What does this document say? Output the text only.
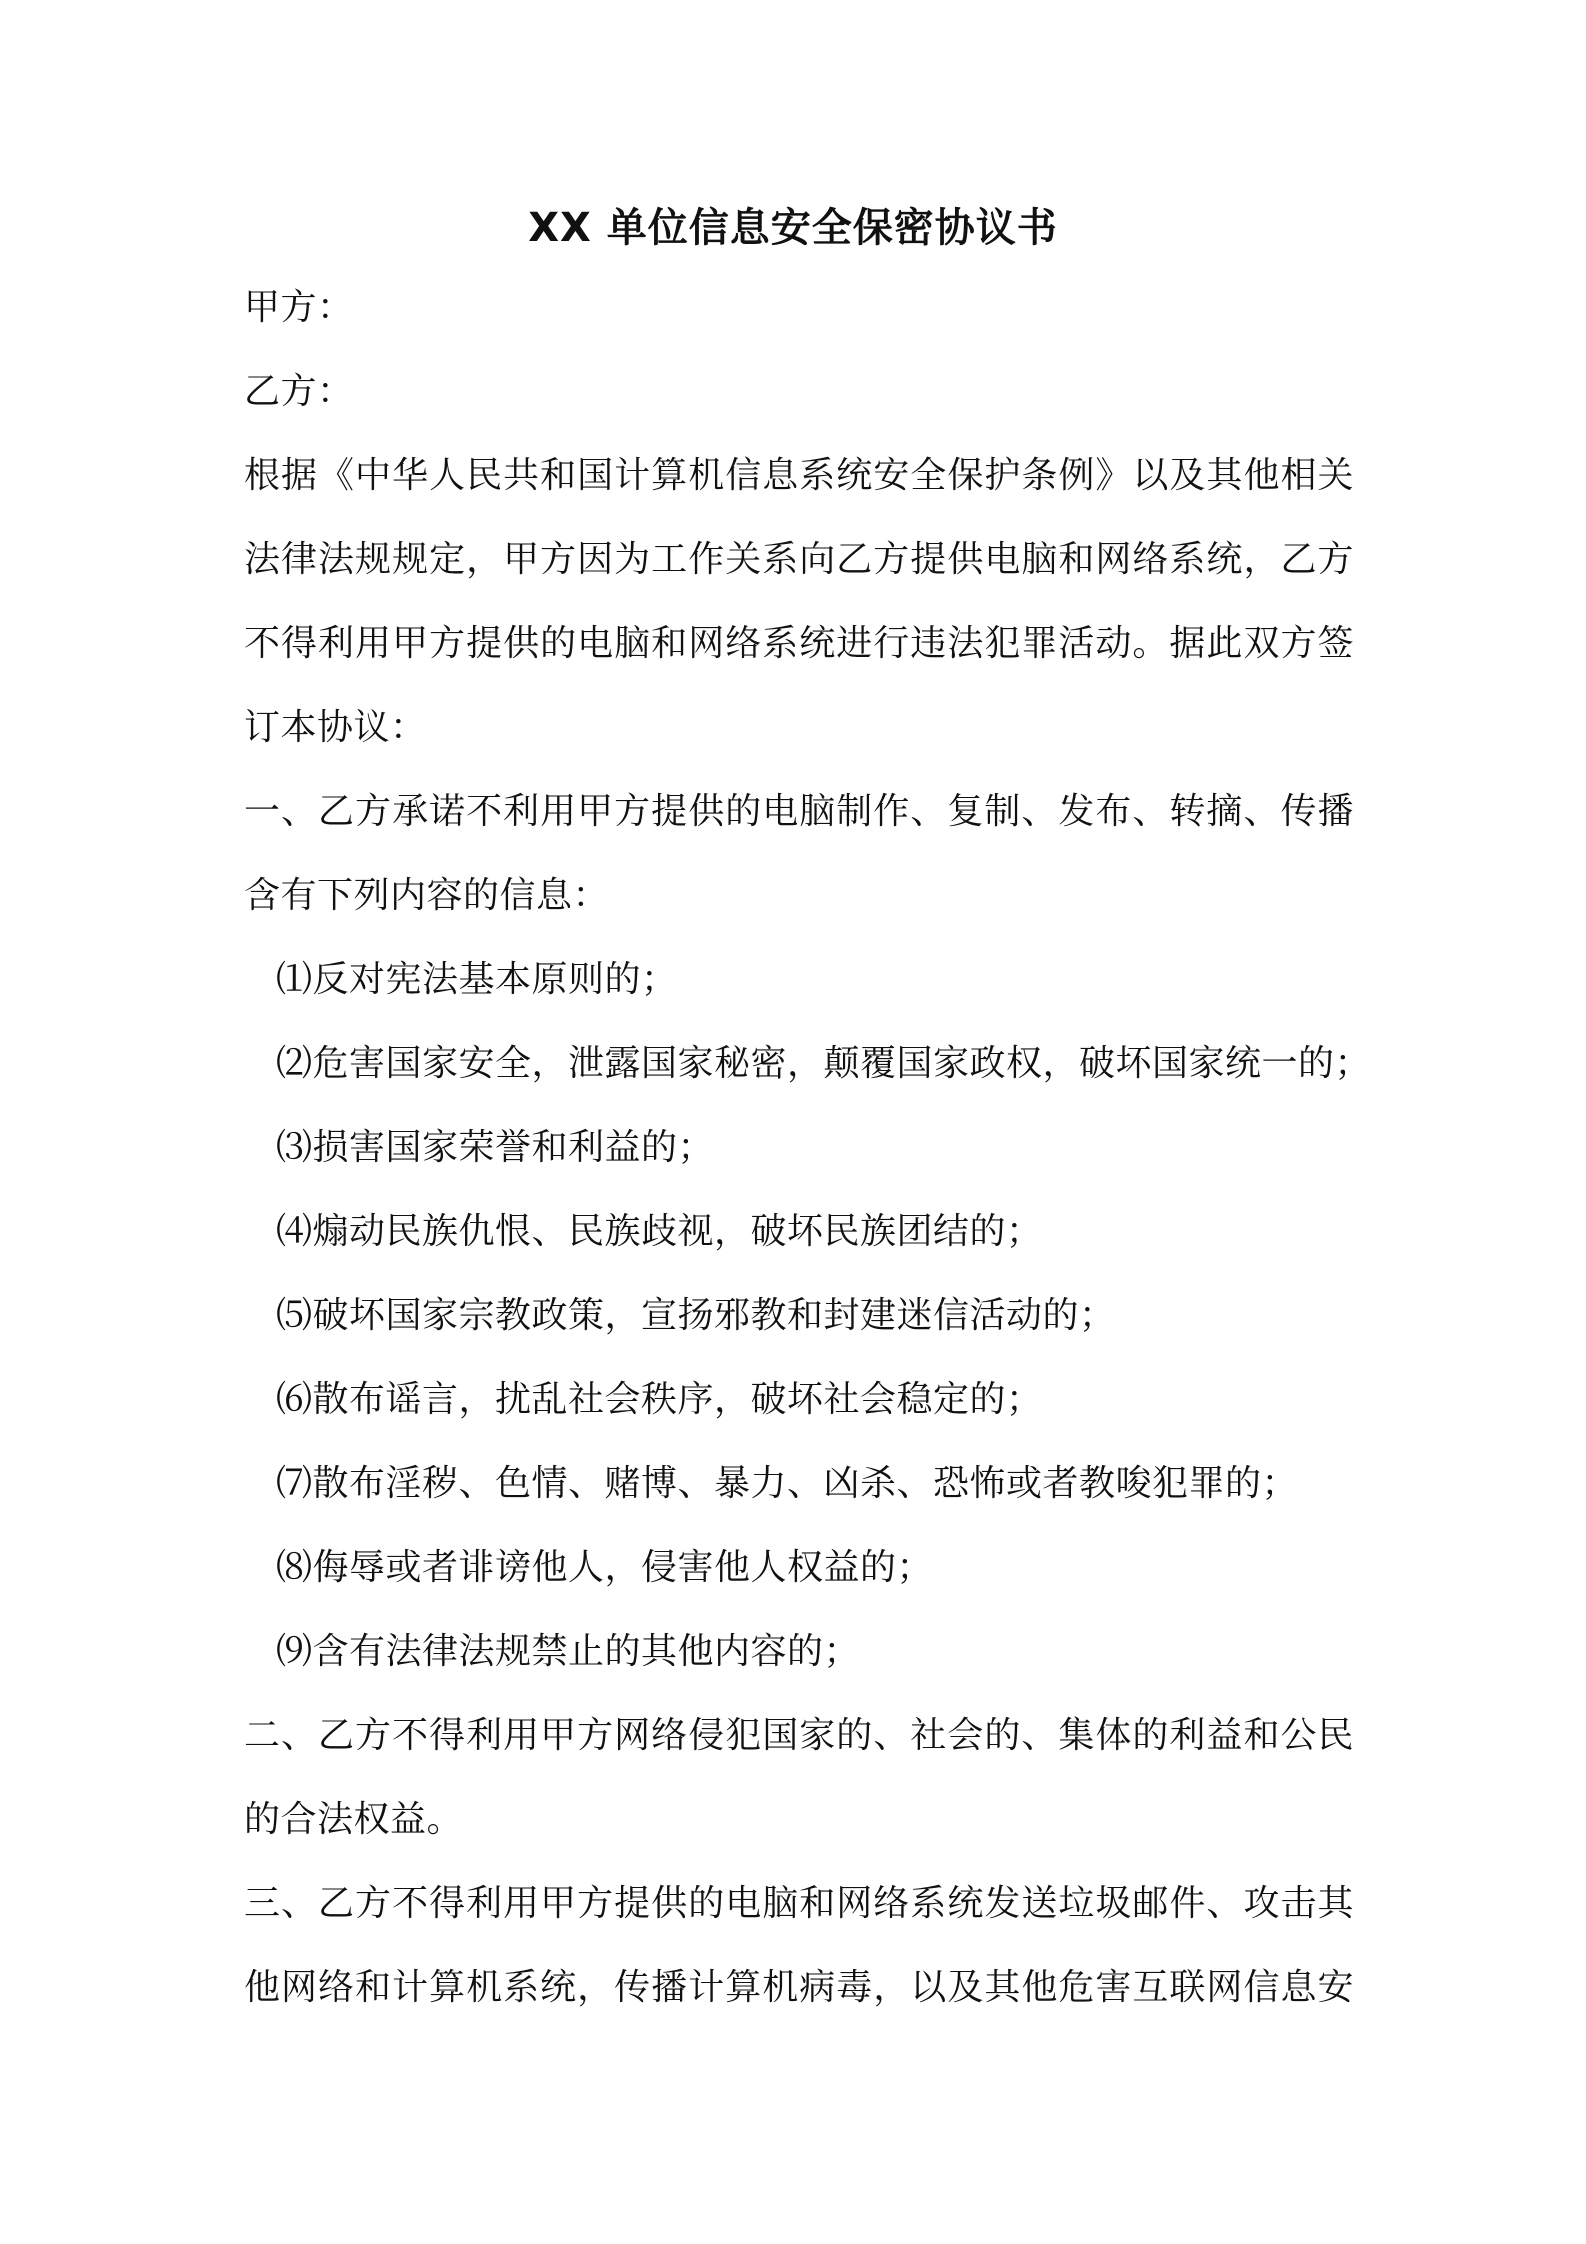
XX 单位信息安全保密协议书
甲方：
乙方：
根据《中华人民共和国计算机信息系统安全保护条例》以及其他相关
法律法规规定，甲方因为工作关系向乙方提供电脑和网络系统，乙方
不得利用甲方提供的电脑和网络系统进行违法犯罪活动。据此双方签
订本协议：
一、乙方承诺不利用甲方提供的电脑制作、复制、发布、转摘、传播
含有下列内容的信息：
⑴反对宪法基本原则的；
⑵危害国家安全，泄露国家秘密，颠覆国家政权，破坏国家统一的；
⑶损害国家荣誉和利益的；
⑷煽动民族仇恨、民族歧视，破坏民族团结的；
⑸破坏国家宗教政策，宣扬邪教和封建迷信活动的；
⑹散布谣言，扰乱社会秩序，破坏社会稳定的；
⑺散布淫秽、色情、赌博、暴力、凶杀、恐怖或者教唆犯罪的；
⑻侮辱或者诽谤他人，侵害他人权益的；
⑼含有法律法规禁止的其他内容的；
二、乙方不得利用甲方网络侵犯国家的、社会的、集体的利益和公民
的合法权益。
三、乙方不得利用甲方提供的电脑和网络系统发送垃圾邮件、攻击其
他网络和计算机系统，传播计算机病毒，以及其他危害互联网信息安
